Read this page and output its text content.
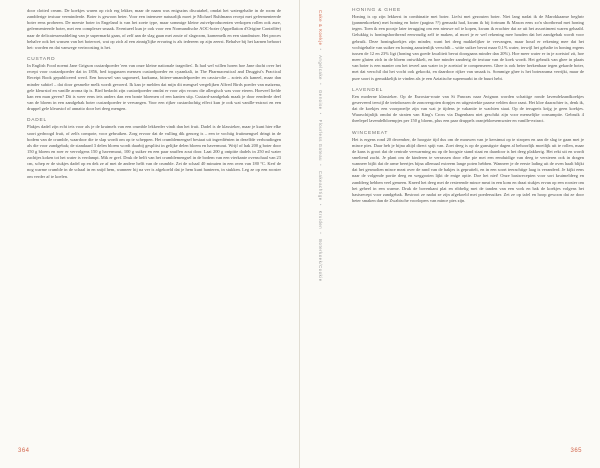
door clotted cream. De koekjes waren op rich erg lekker, maar de naam was enigszins discutabel, omdat het watergehalte in de room de zandderige textuur verminderde. Boter is gewoon beter. Voor een intensere natuurlijk moet je Michael Ruhlmann recept met gefermenteerde boter eens proberen. De meeste boter in Engeland is van het zoete type, maar sommige kleine zuivelproducenten verkopen rollen ook zure, gefermenteerde boter, met een complexer smaak. Eventueel kun je ook voor een Normandische AOC-boter (Appellation d'Origine Contrôlée) naar de delicatessenafdeling van je supermarkt gaan, of zelf aan de slag gaan met zoute of slagroom, karnemelk en een standmixer. Het proces behalve ook het wassen van het boterwet, wat op zich al een zinnig'lijke ervaring is als iedereen op zijn zeerst. Behalve bij het karnen behoort het: worden en dat vanwege vertroosting is het.

CUSTARD

In English Food noemt Jane Grigson custardpoeder 'een van onze kleine nationale tragedies'. Ik had wel willen horen hoe Jane dacht over het recept voor custardpoeder dat in 1856, bed topgassen mensen custardpoeder en cyaankali, in The Pharmaceutical and Druggist's Practical Receipt Book gepubliceerd werd. Een bouwsel van sagomeel, kurkuma, bittere-amandelpoeder en cassia-olie – zoiets als kaneel, maar dan minder subtiel – dat door gesmelte melk wordt gevoerd. Ik kan je melden dat mijn dit mengsel vergelijken Alfred Birds poeder van maïzena, gele kleurstof en vanille aroma tip is. Bird bedacht zijn custardpoeder omdat er voor zijn vrouw die allergisch was voor eieren. Hoeveel liefde kan een man geven? Dit is weer eens iets anders dan een bonte bloemen of een kanten stip. Custard-zandgebak maak je door eenderde deel van de bloem in een zandgebak boter custardpoeder te vervangen. Voor een rijker custardachtig effect kun je ook wat vanille-extract en een druppel gele kleurstof of annatto door het deeg mengen.

DADEL

Plakjes dadel zijn echt iets voor als je de kruimels van een crumble lekkerder vindt dan het fruit. Dadel is de klassieker, maar je kunt hier elke soort gedroogd fruit, of zelfs compote, voor gebruiken. Zorg ervoor dat de vulling dik genoeg is – een te vochtig fruitmengsel dringt in de bodem van de crumble, waardoor die te slap wordt om op te scheppen. Het crumblemengsel bestaat uit ingrediënten in dezelfde verhoudingen als die voor zandgebak; de standaard 3 delen bloem wordt daarbij gesplitst in gelijke delen bloem en havermout. Wrijf of hak 200 g boter door 150 g bloem en roer er vervolgens 150 g havermout, 100 g suiker en een paar snuffen zout door. Laat 200 g ontpitte dadels in 250 ml water zachtjes koken tot het water is verdampt. Mik er gref. Druk de helft van het crumblemengsel in de bodem van een vierkante ovenschaal van 23 cm, schep er de stukjes dadel op en dek ze af met de andere helft van de crumble. Zet de schaal 40 minuten in een oven van 180 °C. Kerf de nog warme crumble in de schaal in en snijd hem, wanneer hij na ver is afgekoeld dat je hem kunt hanteren, in stukken. Leg ze op een rooster om verder af te koelen.

364
HONING & GHEE

Honing is op zijn lekkerst in combinatie met boter. Liefst met gezouten boter. Niet lang nadat ik de Marokkaanse beghrir (pannenkoeken) met honing en boter (pagina ??) gemaakt had, kwam ik bij fortnum & Mason eens zo'n shortbread met honing tegen. Toen ik een poosje later terugging om een nieuwe rol te kopen, kwam ik erachter dat ze uit het assortiment waren gehaald. Gelukkig is honingshortbread eenvoudig zelf te maken, al moet je er wel rekening mee houden dat het zandgebak wordt voor gebruik. Deze honingkoekjes zijn minder, want het deeg makkelijker te vervangen, maar houd er rekening mee dat het vochtgehalte van suiker en honing aanzienlijk verschilt – witte suiker bevat maar 0,1% water, terwijl het gehalte in honing ergens tussen de 12 en 23% ligt (honing van goede kwaliteit bevat doorgaans minder dan 20%). Hoe meer water er in je zoetstof zit, hoe meer gluten zich in de bloem ontwikkelt, en hoe minder zanderig de textuur van de koek wordt. Het gebruik van ghee in plaats van boter is een manier om het teveel aan water in je zoetstof te compenseren. Ghee is ook beter herkenbaar tegen gekarde boter, met dat verschil dat het vocht ook gekookt, en daardoor rijker van smaak is. Sommige ghee is het boterarama verrijkt, maar de pure soort is gemakkelijk te vinden als je een Aziatische supermarkt in de buurt hebt.

LAVENDEL

Een moderne klassieker. Op de Eurostar-route van St Pancras naar Avignon worden schattige ronde lavendelzandkoekjes geserveerd terwijl de treinbossen de zonovergoten dorpjes en uitgestrekte paarse velden door raast. Het kloe daarachter is, denk ik, dat de koekjes een voorproefje zijn van wat je tijdens je vakantie te wachten staat. Op de terugreis krijg je geen koekjes. Waarschijnlijk omdat de straten van King's Cross via Dagenham niet geschikt zijn voor menselijke consumptie. Gebruik 4 theelepel lavendelbloempjes per 150 g bloem, plus een paar druppels oranjebloesemwater en vanille-extract.

WINCEMEAT

Het is ergens rond 20 december, de hoogste tijd dus om de mouwen van je kerstmut op te stropen en aan de slag te gaan met je mince pies. Daar heb je bijna altijd direct spijt van. Zoet deeg is op de gunstigste dagen al behoorlijk moeilijk uit te rollen, maar de kans is groot dat de centrale verwarming nu op de hoogste stand staat en daardoor is het deeg plakkerig. Het rekt uit en wordt smeltend zacht. Je plant om de kinderen te verrassen door elke pie met een eenduidige van deeg te versieren ook in dragen wanneer bijlit dat de arme beertjes bijna allemaal extreem lange poten hebben. Wanneer je de eerste lading uit de oven haalt blijkt dat het gesmolten mince meat over de rand van de bakjes is gepruttelt, en in een soort teerachtige laag is veranderd. Je kijkt eens naar de volgende portie deeg en weggooien lijkt de enige optie. Doe het niet! Onze basisrecepten voor sort kruimeldeeg en zanddeeg hebben veel gemeen. Kneed het deeg met de resterende mince meat in een kom en draai stukjes ervan op een rooster om het geheel in een warme. Druk de bovenkant plat en ribbelig met de tanden van een vork en bak de koekjes volgens het basisrecept voor zandgebak. Bestrooi ze nadat ze zijn afgekoeld met poedersuiker. Zet ze op tafel en hoop gewoon dat ze door beter smaken dan de Zwabische voorlopers van mince pies zijn.

365
Cake & Koekje• Angelcake• Genoise• Flourless Gateau• Cakeachtige• Kruiden• Boterkoek/Cookie
